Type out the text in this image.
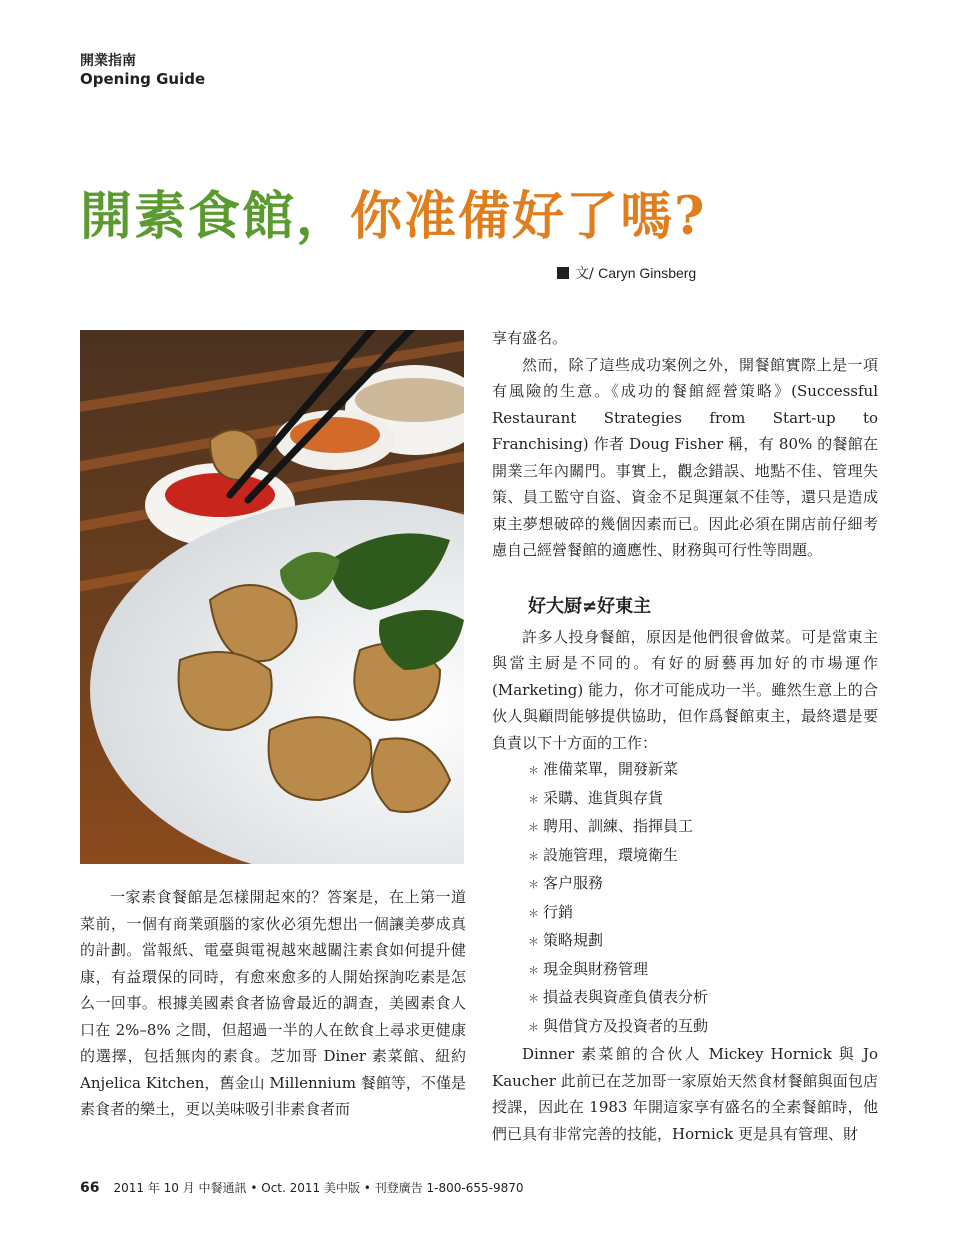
開業指南
Opening Guide
開素食館，你准備好了嗎?
文/ Caryn Ginsberg

一家素食餐館是怎樣開起來的？答案是，在上第一道菜前，一個有商業頭腦的家伙必須先想出一個讓美夢成真的計劃。當報紙、電臺與電視越來越關注素食如何提升健康，有益環保的同時，有愈來愈多的人開始探詢吃素是怎么一回事。根據美國素食者協會最近的調查，美國素食人口在 2%–8% 之間，但超過一半的人在飲食上尋求更健康的選擇，包括無肉的素食。芝加哥 Diner 素菜館、紐約 Anjelica Kitchen，舊金山 Millennium 餐館等，不僅是素食者的樂土，更以美味吸引非素食者而

享有盛名。

然而，除了這些成功案例之外，開餐館實際上是一項有風險的生意。《成功的餐館經營策略》(Successful Restaurant Strategies from Start-up to Franchising) 作者 Doug Fisher 稱，有 80% 的餐館在開業三年內關門。事實上，觀念錯誤、地點不佳、管理失策、員工監守自盜、資金不足與運氣不佳等，還只是造成東主夢想破碎的幾個因素而已。因此必須在開店前仔細考慮自己經營餐館的適應性、財務與可行性等問題。

好大厨≠好東主

許多人投身餐館，原因是他們很會做菜。可是當東主與當主厨是不同的。有好的厨藝再加好的市場運作 (Marketing) 能力，你才可能成功一半。雖然生意上的合伙人與顧問能够提供協助，但作爲餐館東主，最終還是要負責以下十方面的工作：

＊ 准備菜單，開發新菜
＊ 采購、進貨與存貨
＊ 聘用、訓練、指揮員工
＊ 設施管理，環境衛生
＊ 客户服務
＊ 行銷
＊ 策略規劃
＊ 現金與財務管理
＊ 損益表與資產負債表分析
＊ 與借貸方及投資者的互動

Dinner 素菜館的合伙人 Mickey Hornick 與 Jo Kaucher 此前已在芝加哥一家原始天然食材餐館與面包店授課，因此在 1983 年開這家享有盛名的全素餐館時，他們已具有非常完善的技能，Hornick 更是具有管理、財

66 2011 年 10 月 中餐通訊 • Oct. 2011 美中版 • 刊登廣告 1-800-655-9870
